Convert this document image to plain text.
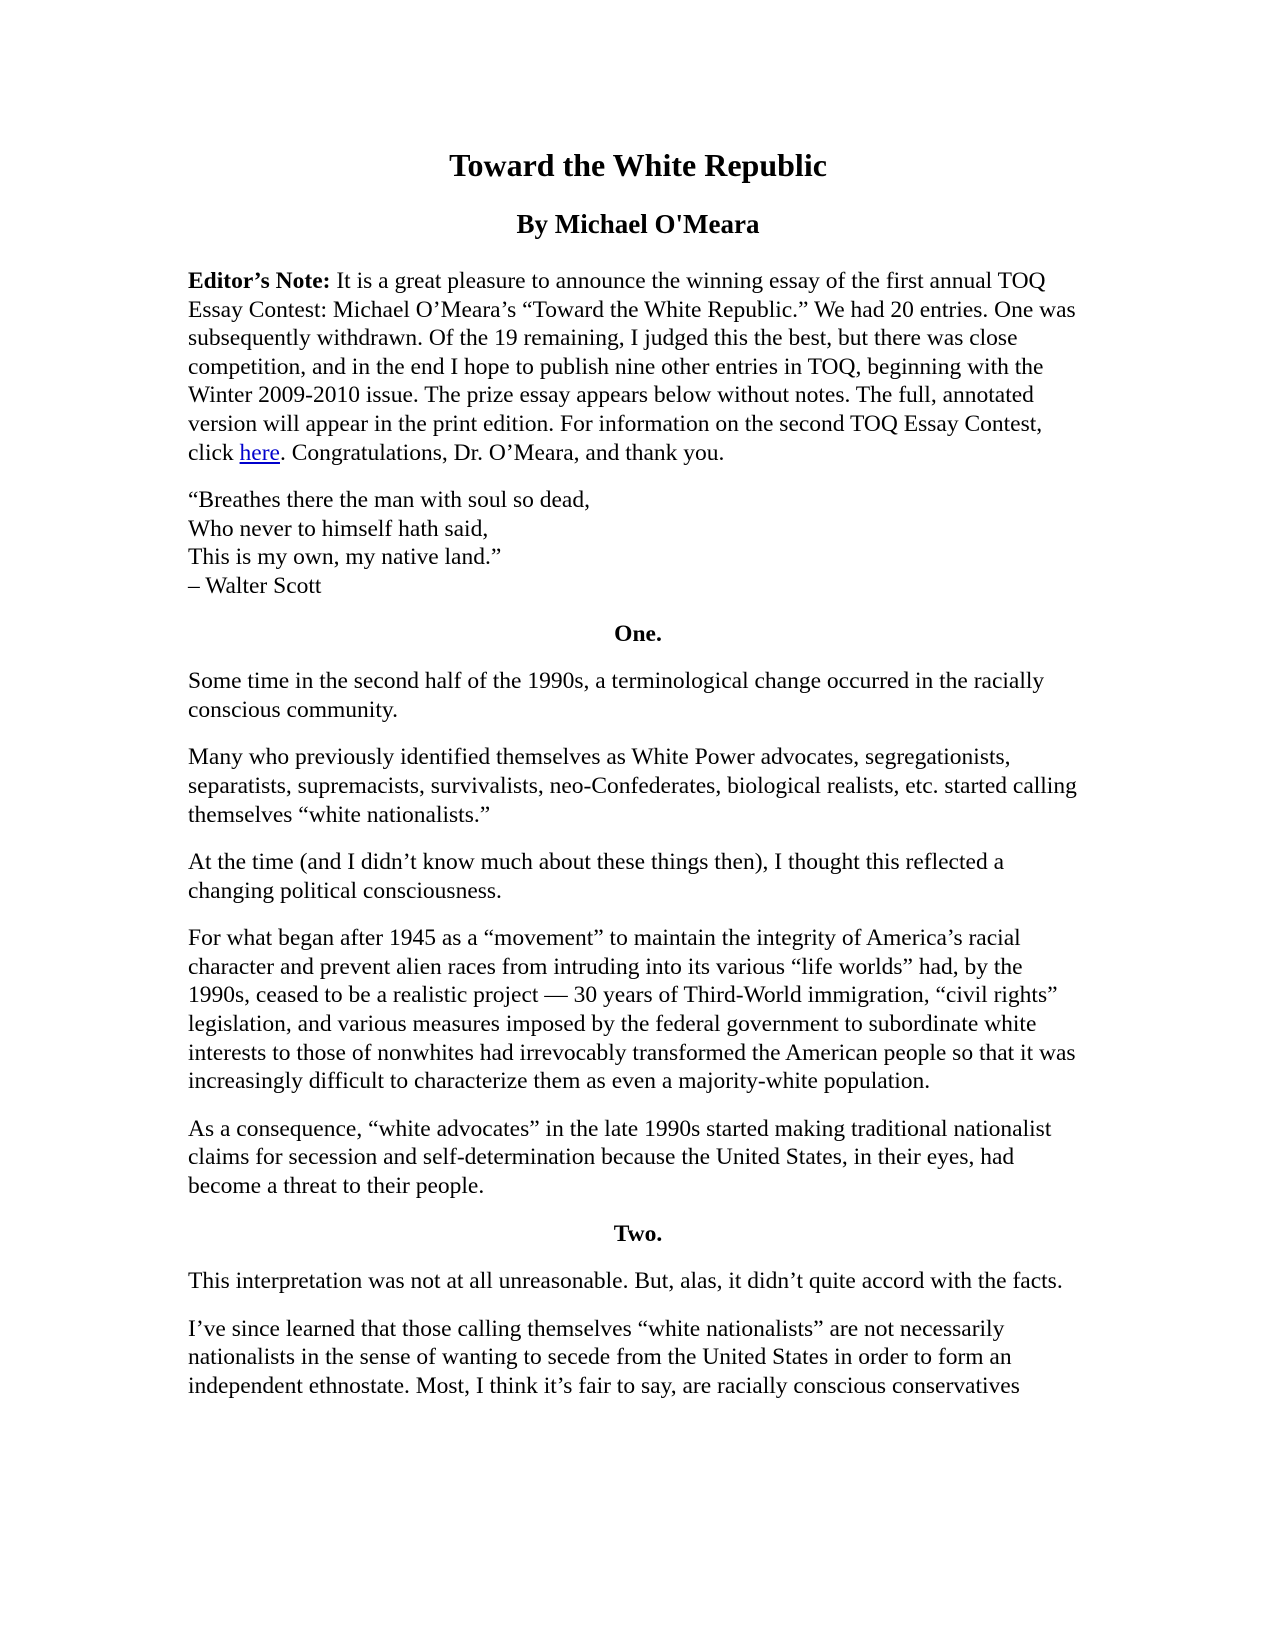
Toward the White Republic
By Michael O'Meara

Editor’s Note: It is a great pleasure to announce the winning essay of the first annual TOQ Essay Contest: Michael O’Meara’s “Toward the White Republic.” We had 20 entries. One was subsequently withdrawn. Of the 19 remaining, I judged this the best, but there was close competition, and in the end I hope to publish nine other entries in TOQ, beginning with the Winter 2009-2010 issue. The prize essay appears below without notes. The full, annotated version will appear in the print edition. For information on the second TOQ Essay Contest, click here. Congratulations, Dr. O’Meara, and thank you.

“Breathes there the man with soul so dead,
Who never to himself hath said,
This is my own, my native land.”
– Walter Scott

One.

Some time in the second half of the 1990s, a terminological change occurred in the racially conscious community.

Many who previously identified themselves as White Power advocates, segregationists, separatists, supremacists, survivalists, neo-Confederates, biological realists, etc. started calling themselves “white nationalists.”

At the time (and I didn’t know much about these things then), I thought this reflected a changing political consciousness.

For what began after 1945 as a “movement” to maintain the integrity of America’s racial character and prevent alien races from intruding into its various “life worlds” had, by the 1990s, ceased to be a realistic project — 30 years of Third-World immigration, “civil rights” legislation, and various measures imposed by the federal government to subordinate white interests to those of nonwhites had irrevocably transformed the American people so that it was increasingly difficult to characterize them as even a majority-white population.

As a consequence, “white advocates” in the late 1990s started making traditional nationalist claims for secession and self-determination because the United States, in their eyes, had become a threat to their people.

Two.

This interpretation was not at all unreasonable. But, alas, it didn’t quite accord with the facts.

I’ve since learned that those calling themselves “white nationalists” are not necessarily nationalists in the sense of wanting to secede from the United States in order to form an independent ethnostate. Most, I think it’s fair to say, are racially conscious conservatives
